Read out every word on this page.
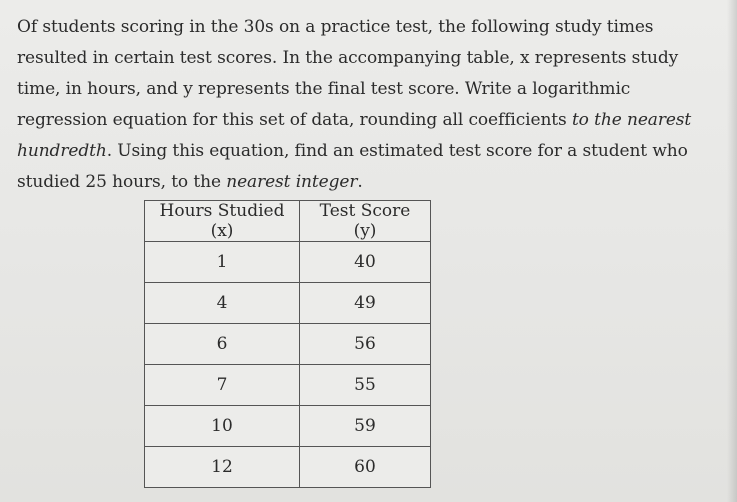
Of students scoring in the 30s on a practice test, the following study times resulted in certain test scores. In the accompanying table, x represents study time, in hours, and y represents the final test score. Write a logarithmic regression equation for this set of data, rounding all coefficients to the nearest hundredth. Using this equation, find an estimated test score for a student who studied 25 hours, to the nearest integer.

Hours Studied (x)	Test Score (y)
1	40
4	49
6	56
7	55
10	59
12	60
